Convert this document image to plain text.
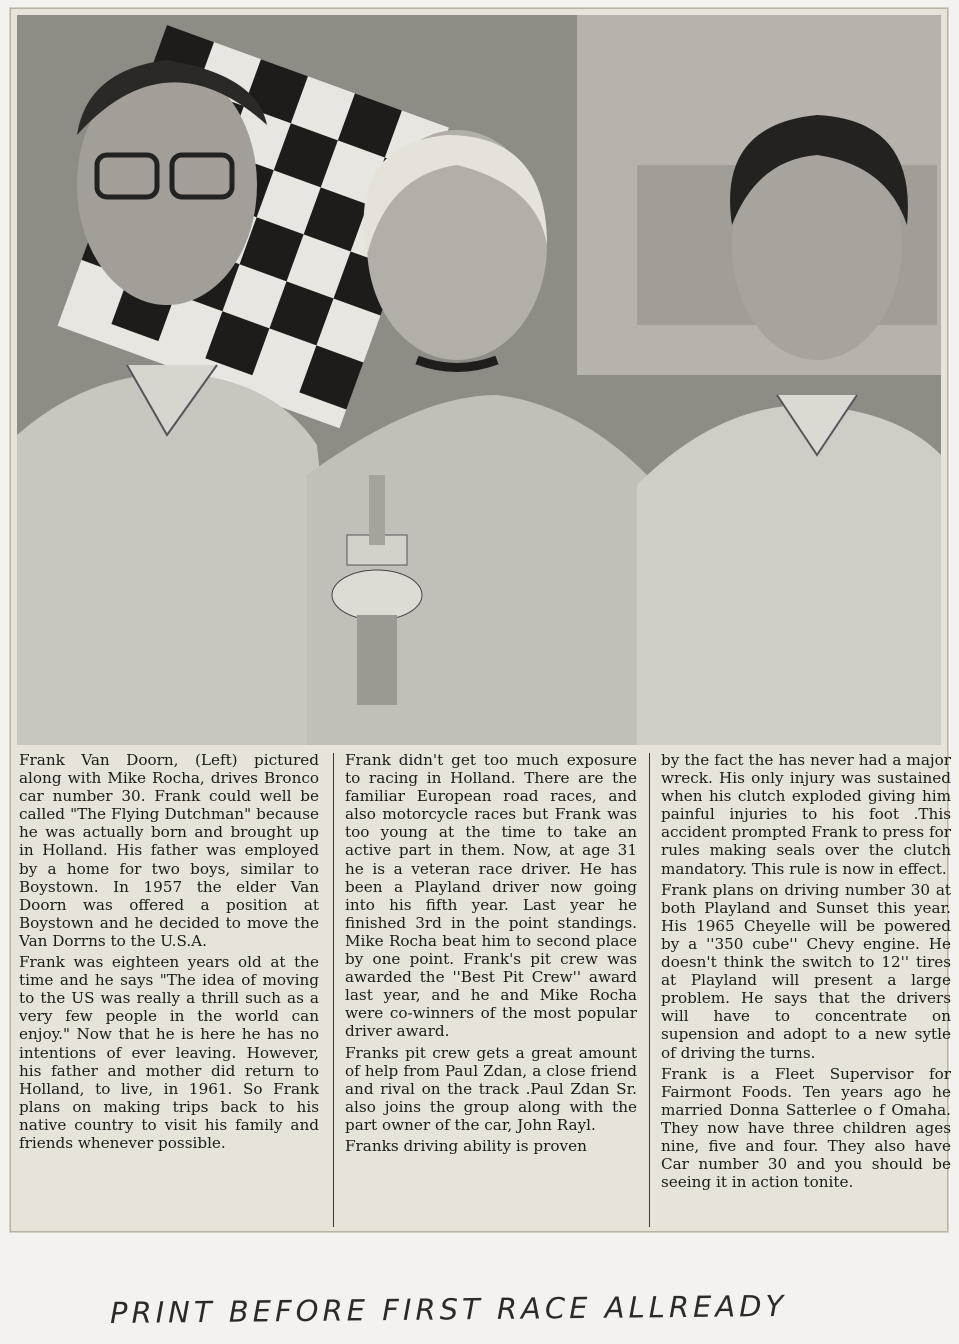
Frank Van Doorn, (Left) pictured along with Mike Rocha, drives Bronco car number 30. Frank could well be called "The Flying Dutchman" because he was actually born and brought up in Holland. His father was employed by a home for two boys, similar to Boystown. In 1957 the elder Van Doorn was offered a position at Boystown and he decided to move the Van Dorrns to the U.S.A.

Frank was eighteen years old at the time and he says "The idea of moving to the US was really a thrill such as a very few people in the world can enjoy." Now that he is here he has no intentions of ever leaving. However, his father and mother did return to Holland, to live, in 1961. So Frank plans on making trips back to his native country to visit his family and friends whenever possible.

Frank didn't get too much exposure to racing in Holland. There are the familiar European road races, and also motorcycle races but Frank was too young at the time to take an active part in them. Now, at age 31 he is a veteran race driver. He has been a Playland driver now going into his fifth year. Last year he finished 3rd in the point standings. Mike Rocha beat him to second place by one point. Frank's pit crew was awarded the ''Best Pit Crew'' award last year, and he and Mike Rocha were co-winners of the most popular driver award.

Franks pit crew gets a great amount of help from Paul Zdan, a close friend and rival on the track .Paul Zdan Sr. also joins the group along with the part owner of the car, John Rayl.

Franks driving ability is proven

by the fact the has never had a major wreck. His only injury was sustained when his clutch exploded giving him painful injuries to his foot .This accident prompted Frank to press for rules making seals over the clutch mandatory. This rule is now in effect.

Frank plans on driving number 30 at both Playland and Sunset this year. His 1965 Cheyelle will be powered by a ''350 cube'' Chevy engine. He doesn't think the switch to 12'' tires at Playland will present a large problem. He says that the drivers will have to concentrate on supension and adopt to a new sytle of driving the turns.

Frank is a Fleet Supervisor for Fairmont Foods. Ten years ago he married Donna Satterlee o f Omaha. They now have three children ages nine, five and four. They also have Car number 30 and you should be seeing it in action tonite.

PRINT BEFORE FIRST RACE ALLREADY
